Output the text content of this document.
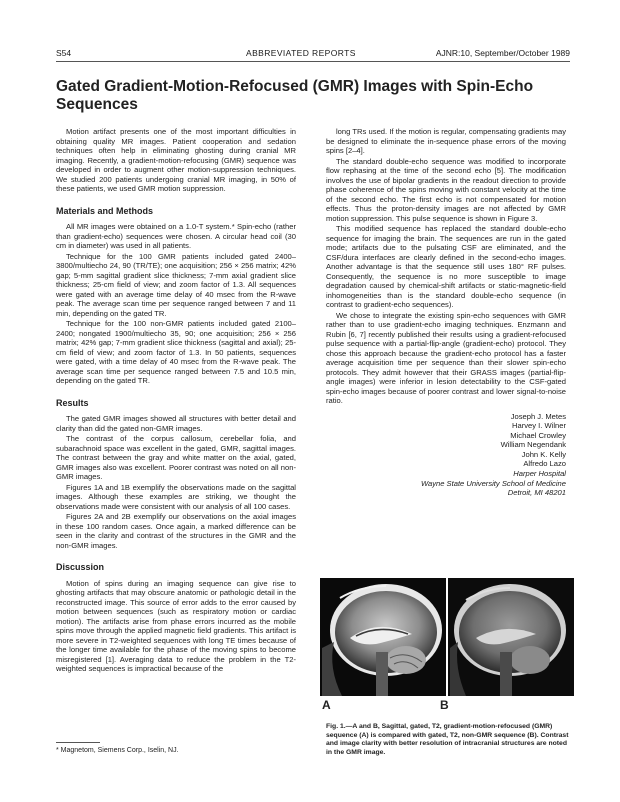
S54	ABBREVIATED REPORTS	AJNR:10, September/October 1989
Gated Gradient-Motion-Refocused (GMR) Images with Spin-Echo Sequences

Motion artifact presents one of the most important difficulties in obtaining quality MR images. Patient cooperation and sedation techniques often help in eliminating ghosting during cranial MR imaging. Recently, a gradient-motion-refocusing (GMR) sequence was developed in order to augment other motion-suppression techniques. We studied 200 patients undergoing cranial MR imaging, in 50% of these patients, we used GMR motion suppression.

Materials and Methods

All MR images were obtained on a 1.0-T system.* Spin-echo (rather than gradient-echo) sequences were chosen. A circular head coil (30 cm in diameter) was used in all patients.

Technique for the 100 GMR patients included gated 2400–3800/multiecho 24, 90 (TR/TE); one acquisition; 256 × 256 matrix; 42% gap; 5-mm sagittal gradient slice thickness; 7-mm axial gradient slice thickness; 25-cm field of view; and zoom factor of 1.3. All sequences were gated with an average time delay of 40 msec from the R-wave peak. The average scan time per sequence ranged between 7 and 11 min, depending on the gated TR.

Technique for the 100 non-GMR patients included gated 2100–2400; nongated 1900/multiecho 35, 90; one acquisition; 256 × 256 matrix; 42% gap; 7-mm gradient slice thickness (sagittal and axial); 25-cm field of view; and zoom factor of 1.3. In 50 patients, sequences were gated, with a time delay of 40 msec from the R-wave peak. The average scan time per sequence ranged between 7.5 and 10.5 min, depending on the gated TR.

Results

The gated GMR images showed all structures with better detail and clarity than did the gated non-GMR images.

The contrast of the corpus callosum, cerebellar folia, and subarachnoid space was excellent in the gated, GMR, sagittal images. The contrast between the gray and white matter on the axial, gated, GMR images also was excellent. Poorer contrast was noted on all non-GMR images.

Figures 1A and 1B exemplify the observations made on the sagittal images. Although these examples are striking, we thought the observations made were consistent with our analysis of all 100 cases.

Figures 2A and 2B exemplify our observations on the axial images in these 100 random cases. Once again, a marked difference can be seen in the clarity and contrast of the structures in the GMR and the non-GMR images.

Discussion

Motion of spins during an imaging sequence can give rise to ghosting artifacts that may obscure anatomic or pathologic detail in the reconstructed image. This source of error adds to the error caused by motion between sequences (such as respiratory motion or cardiac motion). The artifacts arise from phase errors incurred as the mobile spins move through the applied magnetic field gradients. This artifact is more severe in T2-weighted sequences with long TE times because of the longer time available for the phase of the moving spins to become misregistered [1]. Averaging data to reduce the problem in the T2-weighted sequences is impractical because of the

long TRs used. If the motion is regular, compensating gradients may be designed to eliminate the in-sequence phase errors of the moving spins [2–4].

The standard double-echo sequence was modified to incorporate flow rephasing at the time of the second echo [5]. The modification involves the use of bipolar gradients in the readout direction to provide phase coherence of the spins moving with constant velocity at the time of the second echo. The first echo is not compensated for motion effects. Thus the proton-density images are not affected by GMR motion suppression. This pulse sequence is shown in Figure 3.

This modified sequence has replaced the standard double-echo sequence for imaging the brain. The sequences are run in the gated mode; artifacts due to the pulsating CSF are eliminated, and the CSF/dura interfaces are clearly defined in the second-echo images. Another advantage is that the sequence still uses 180° RF pulses. Consequently, the sequence is no more susceptible to image degradation caused by chemical-shift artifacts or static-magnetic-field inhomogeneities than is the standard double-echo sequence (in contrast to gradient-echo sequences).

We chose to integrate the existing spin-echo sequences with GMR rather than to use gradient-echo imaging techniques. Enzmann and Rubin [6, 7] recently published their results using a gradient-refocused pulse sequence with a partial-flip-angle (gradient-echo) protocol. They chose this approach because the gradient-echo protocol has a faster average acquisition time per sequence than their slower spin-echo protocols. They admit however that their GRASS images (partial-flip-angle images) were inferior in lesion detectability to the CSF-gated spin-echo images because of poorer contrast and lower signal-to-noise ratio.

Joseph J. Metes
Harvey I. Wilner
Michael Crowley
William Negendank
John K. Kelly
Alfredo Lazo
Harper Hospital
Wayne State University School of Medicine
Detroit, MI 48201
A	B

Fig. 1.—A and B, Sagittal, gated, T2, gradient-motion-refocused (GMR) sequence (A) is compared with gated, T2, non-GMR sequence (B). Contrast and image clarity with better resolution of intracranial structures are noted in the GMR image.

* Magnetom, Siemens Corp., Iselin, NJ.
